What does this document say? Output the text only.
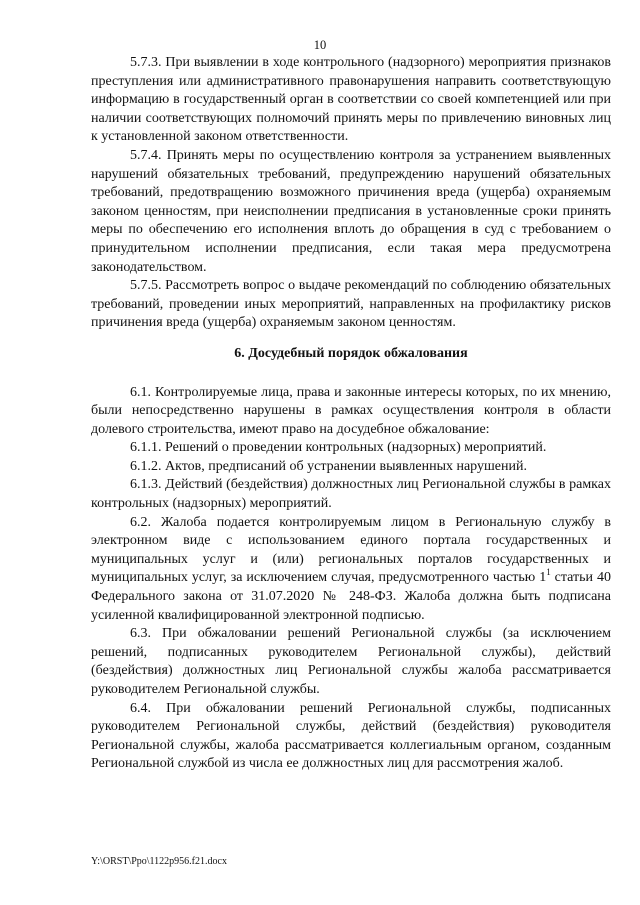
10

5.7.3. При выявлении в ходе контрольного (надзорного) мероприятия признаков преступления или административного правонарушения направить соответствующую информацию в государственный орган в соответствии со своей компетенцией или при наличии соответствующих полномочий принять меры по привлечению виновных лиц к установленной законом ответственности.

5.7.4. Принять меры по осуществлению контроля за устранением выявленных нарушений обязательных требований, предупреждению нарушений обязательных требований, предотвращению возможного причинения вреда (ущерба) охраняемым законом ценностям, при неисполнении предписания в установленные сроки принять меры по обеспечению его исполнения вплоть до обращения в суд с требованием о принудительном исполнении предписания, если такая мера предусмотрена законодательством.

5.7.5. Рассмотреть вопрос о выдаче рекомендаций по соблюдению обязательных требований, проведении иных мероприятий, направленных на профилактику рисков причинения вреда (ущерба) охраняемым законом ценностям.

6. Досудебный порядок обжалования

6.1. Контролируемые лица, права и законные интересы которых, по их мнению, были непосредственно нарушены в рамках осуществления контроля в области долевого строительства, имеют право на досудебное обжалование:

6.1.1. Решений о проведении контрольных (надзорных) мероприятий.

6.1.2. Актов, предписаний об устранении выявленных нарушений.

6.1.3. Действий (бездействия) должностных лиц Региональной службы в рамках контрольных (надзорных) мероприятий.

6.2. Жалоба подается контролируемым лицом в Региональную службу в электронном виде с использованием единого портала государственных и муниципальных услуг и (или) региональных порталов государственных и муниципальных услуг, за исключением случая, предусмотренного частью 1$^1$ статьи 40 Федерального закона от 31.07.2020 № 248-ФЗ. Жалоба должна быть подписана усиленной квалифицированной электронной подписью.

6.3. При обжаловании решений Региональной службы (за исключением решений, подписанных руководителем Региональной службы), действий (бездействия) должностных лиц Региональной службы жалоба рассматривается руководителем Региональной службы.

6.4. При обжаловании решений Региональной службы, подписанных руководителем Региональной службы, действий (бездействия) руководителя Региональной службы, жалоба рассматривается коллегиальным органом, созданным Региональной службой из числа ее должностных лиц для рассмотрения жалоб.

Y:\ORST\Ppo\1122p956.f21.docx
